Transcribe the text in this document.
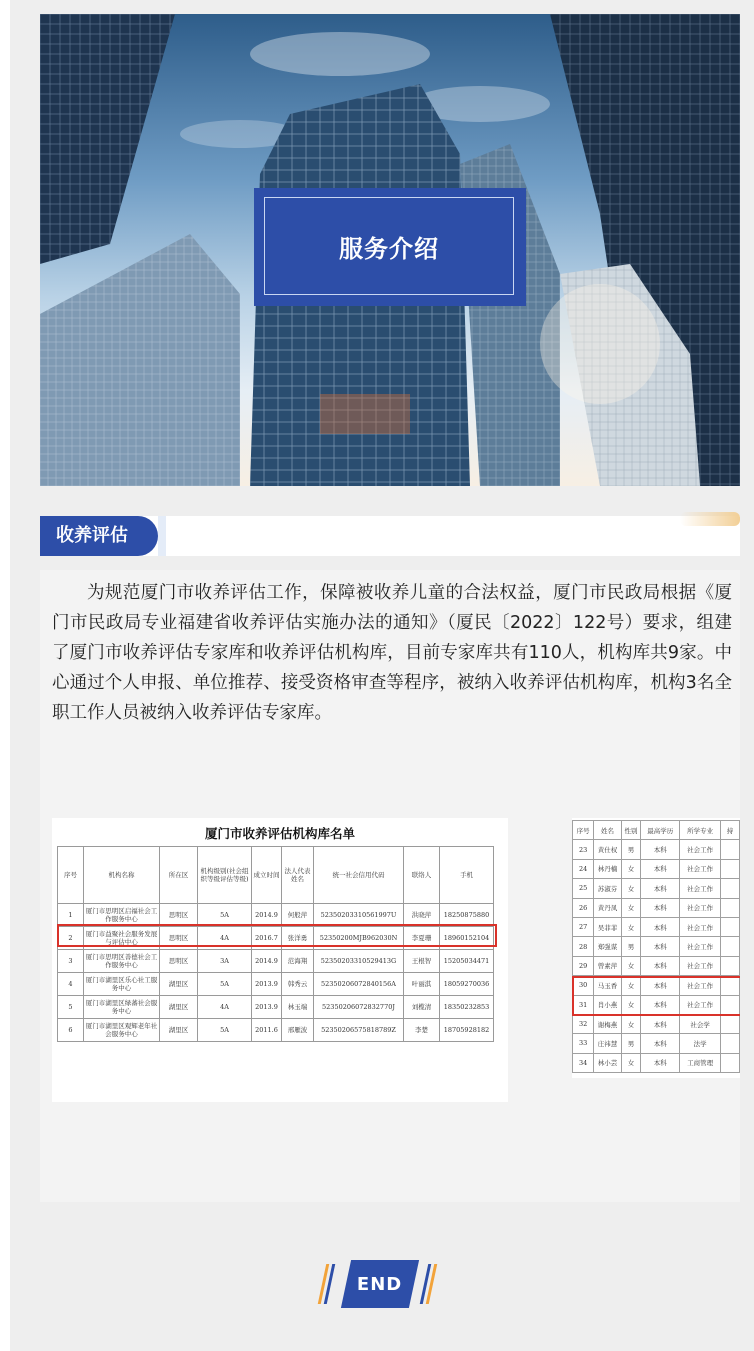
服务介绍
收养评估

为规范厦门市收养评估工作，保障被收养儿童的合法权益，厦门市民政局根据《厦门市民政局专业福建省收养评估实施办法的通知》（厦民〔2022〕122号）要求，组建了厦门市收养评估专家库和收养评估机构库，目前专家库共有110人，机构库共9家。中心通过个人申报、单位推荐、接受资格审查等程序，被纳入收养评估机构库，机构3名全职工作人员被纳入收养评估专家库。

厦门市收养评估机构库名单
序号	机构名称	所在区	机构级别(社会组织等级评估等级)	成立时间	法人代表姓名	统一社会信用代码	联络人	手机
1	厦门市思明区启福社会工作服务中心	思明区	5A	2014.9	何般萍	52350203310561997U	洪晓萍	18250875880
2	厦门市益聚社会服务发展与评估中心	思明区	4A	2016.7	张洋勇	52350200MJB962030N	李夏珊	18960152104
3	厦门市思明区善德社会工作服务中心	思明区	3A	2014.9	范海翔	52350203310529413G	王根智	15205034471
4	厦门市湖里区乐心社工服务中心	湖里区	5A	2013.9	韩秀云	52350206072840156A	叶丽淇	18059270036
5	厦门市湖里区绿蕃社会服务中心	湖里区	4A	2013.9	林玉端	52350206072832770J	刘榄清	18350232853
6	厦门市湖里区观辉老年社会服务中心	湖里区	5A	2011.6	邢雁波	52350206575818789Z	李楚	18705928182
序号	姓名	性别	最高学历	所学专业	持
23	黄仕权	男	本科	社会工作	
24	林丹楠	女	本科	社会工作	
25	苏淑芬	女	本科	社会工作	
26	黄丹凤	女	本科	社会工作	
27	吴菲菲	女	本科	社会工作	
28	郑强谋	男	本科	社会工作	
29	曾素萍	女	本科	社会工作	
30	马玉香	女	本科	社会工作	
31	肖小燕	女	本科	社会工作	
32	谢梅燕	女	本科	社会学	
33	庄祎慧	男	本科	法学	
34	林小芸	女	本科	工商管理	
END
